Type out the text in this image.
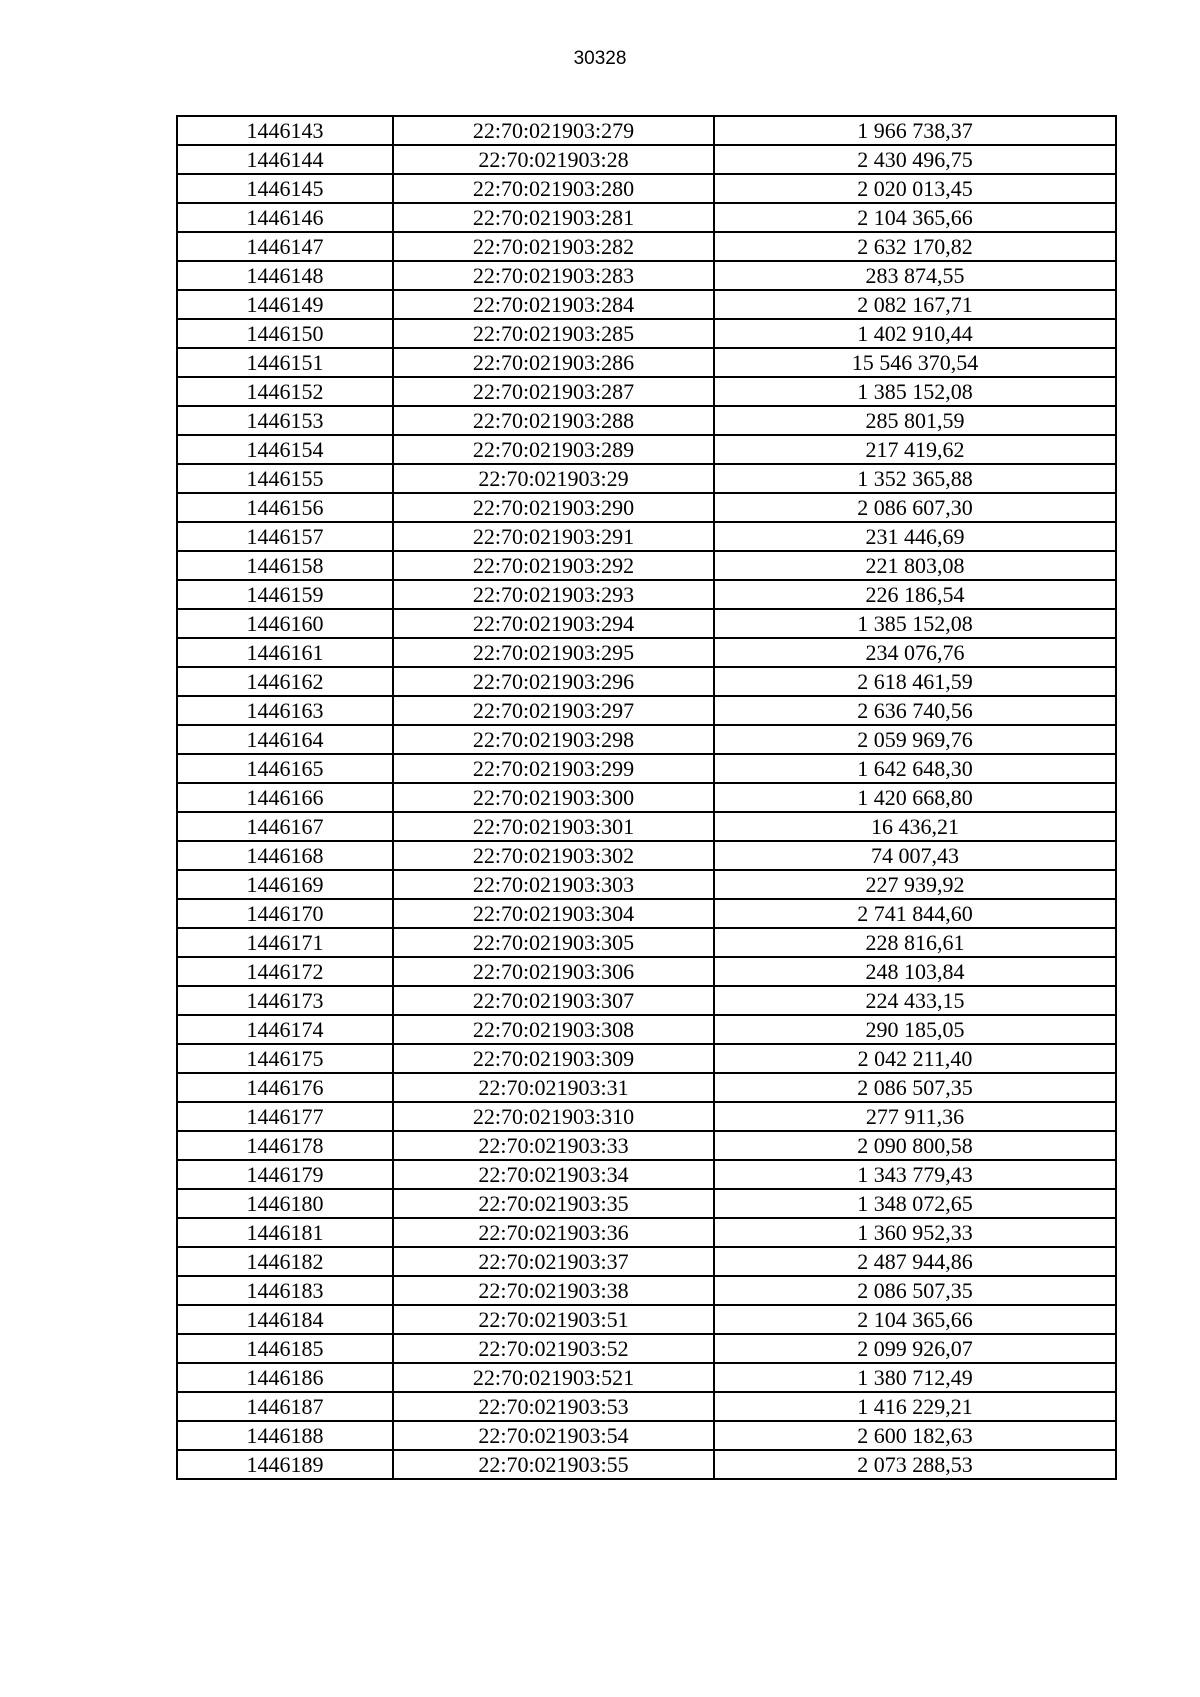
30328
1446143	22:70:021903:279	1 966 738,37
1446144	22:70:021903:28	2 430 496,75
1446145	22:70:021903:280	2 020 013,45
1446146	22:70:021903:281	2 104 365,66
1446147	22:70:021903:282	2 632 170,82
1446148	22:70:021903:283	283 874,55
1446149	22:70:021903:284	2 082 167,71
1446150	22:70:021903:285	1 402 910,44
1446151	22:70:021903:286	15 546 370,54
1446152	22:70:021903:287	1 385 152,08
1446153	22:70:021903:288	285 801,59
1446154	22:70:021903:289	217 419,62
1446155	22:70:021903:29	1 352 365,88
1446156	22:70:021903:290	2 086 607,30
1446157	22:70:021903:291	231 446,69
1446158	22:70:021903:292	221 803,08
1446159	22:70:021903:293	226 186,54
1446160	22:70:021903:294	1 385 152,08
1446161	22:70:021903:295	234 076,76
1446162	22:70:021903:296	2 618 461,59
1446163	22:70:021903:297	2 636 740,56
1446164	22:70:021903:298	2 059 969,76
1446165	22:70:021903:299	1 642 648,30
1446166	22:70:021903:300	1 420 668,80
1446167	22:70:021903:301	16 436,21
1446168	22:70:021903:302	74 007,43
1446169	22:70:021903:303	227 939,92
1446170	22:70:021903:304	2 741 844,60
1446171	22:70:021903:305	228 816,61
1446172	22:70:021903:306	248 103,84
1446173	22:70:021903:307	224 433,15
1446174	22:70:021903:308	290 185,05
1446175	22:70:021903:309	2 042 211,40
1446176	22:70:021903:31	2 086 507,35
1446177	22:70:021903:310	277 911,36
1446178	22:70:021903:33	2 090 800,58
1446179	22:70:021903:34	1 343 779,43
1446180	22:70:021903:35	1 348 072,65
1446181	22:70:021903:36	1 360 952,33
1446182	22:70:021903:37	2 487 944,86
1446183	22:70:021903:38	2 086 507,35
1446184	22:70:021903:51	2 104 365,66
1446185	22:70:021903:52	2 099 926,07
1446186	22:70:021903:521	1 380 712,49
1446187	22:70:021903:53	1 416 229,21
1446188	22:70:021903:54	2 600 182,63
1446189	22:70:021903:55	2 073 288,53
